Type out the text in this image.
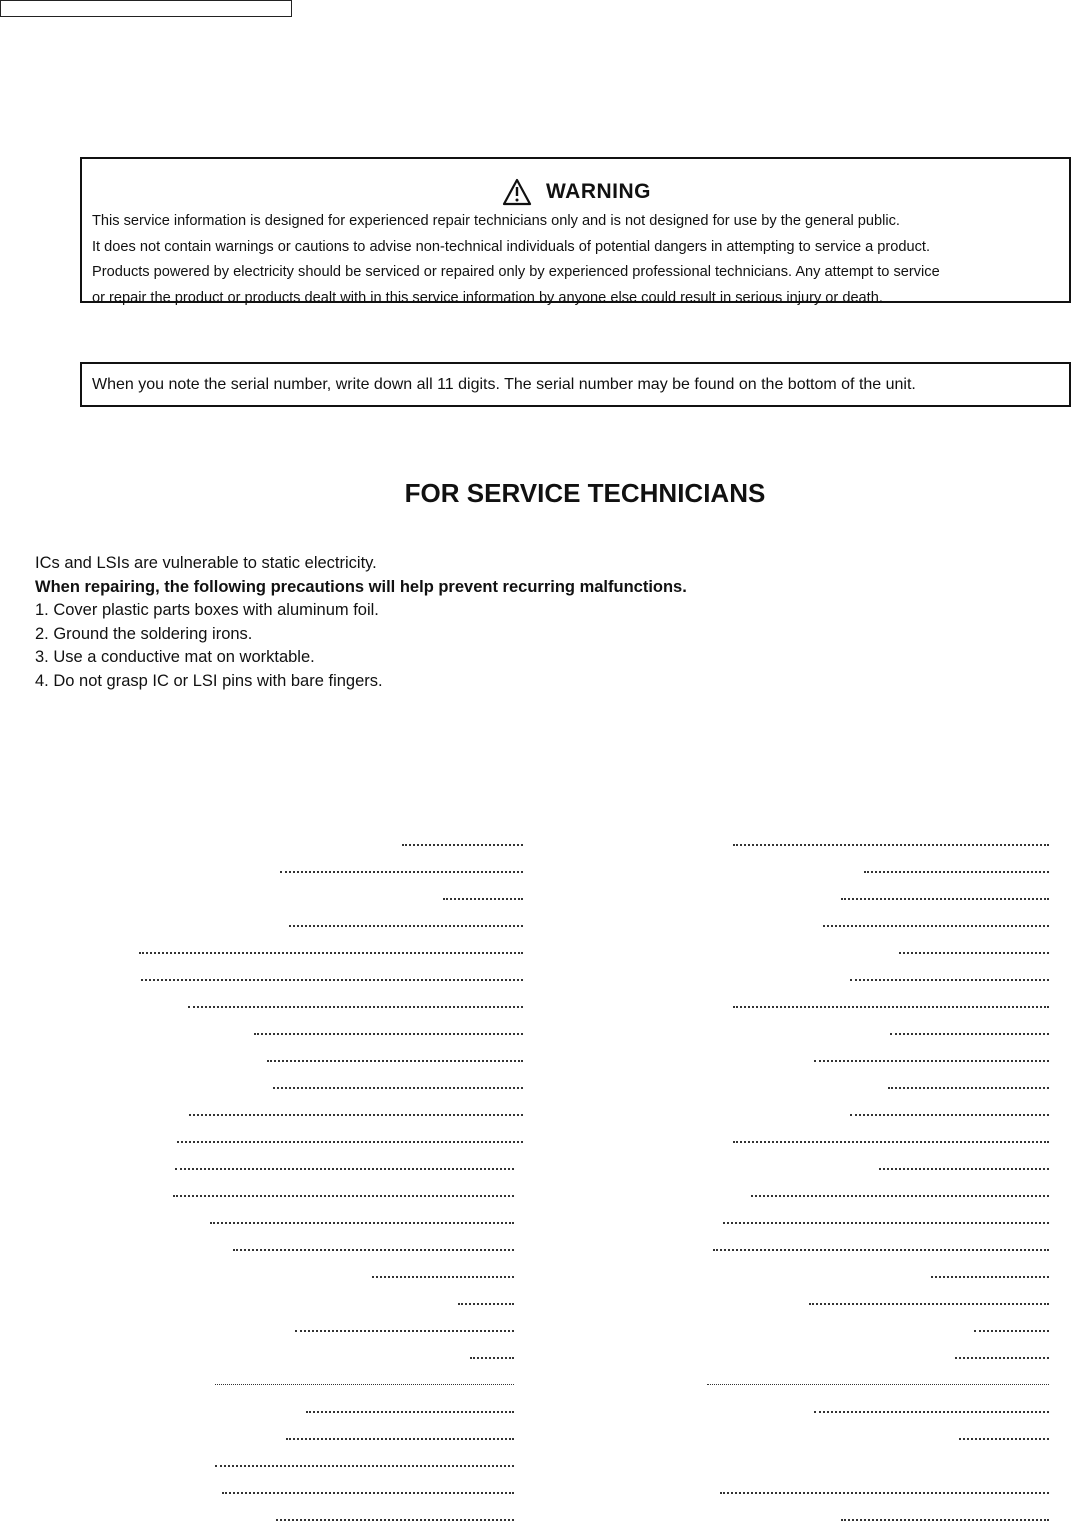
WARNING
This service information is designed for experienced repair technicians only and is not designed for use by the general public.
It does not contain warnings or cautions to advise non-technical individuals of potential dangers in attempting to service a product.
Products powered by electricity should be serviced or repaired only by experienced professional technicians. Any attempt to service
or repair the product or products dealt with in this service information by anyone else could result in serious injury or death.
When you note the serial number, write down all 11 digits. The serial number may be found on the bottom of the unit.
FOR SERVICE TECHNICIANS
ICs and LSIs are vulnerable to static electricity.
When repairing, the following precautions will help prevent recurring malfunctions.
1. Cover plastic parts boxes with aluminum foil.
2. Ground the soldering irons.
3. Use a conductive mat on worktable.
4. Do not grasp IC or LSI pins with bare fingers.
